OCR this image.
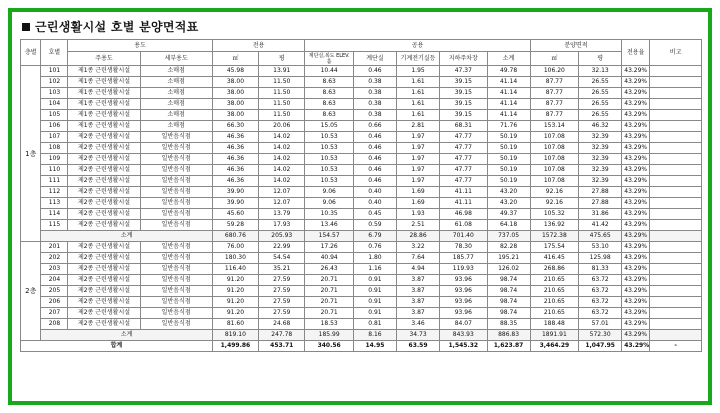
근린생활시설 호별 분양면적표
층별	호별	용도		전용		공용					분양면적		전용율	비고
		주용도	세부용도	㎡	평	계단실,복도 ELEV.홀	계단실	기계전기실등	지하주차장	소계	㎡	평		
1층	101	제1종 근린생활시설	소매점	45.98	13.91	10.44	0.46	1.95	47.37	49.78	106.20	32.13	43.29%	
	102	제1종 근린생활시설	소매점	38.00	11.50	8.63	0.38	1.61	39.15	41.14	87.77	26.55	43.29%	
	103	제1종 근린생활시설	소매점	38.00	11.50	8.63	0.38	1.61	39.15	41.14	87.77	26.55	43.29%	
	104	제1종 근린생활시설	소매점	38.00	11.50	8.63	0.38	1.61	39.15	41.14	87.77	26.55	43.29%	
	105	제1종 근린생활시설	소매점	38.00	11.50	8.63	0.38	1.61	39.15	41.14	87.77	26.55	43.29%	
	106	제1종 근린생활시설	소매점	66.30	20.06	15.05	0.66	2.81	68.31	71.76	153.14	46.32	43.29%	
	107	제2종 근린생활시설	일반음식점	46.36	14.02	10.53	0.46	1.97	47.77	50.19	107.08	32.39	43.29%	
	108	제2종 근린생활시설	일반음식점	46.36	14.02	10.53	0.46	1.97	47.77	50.19	107.08	32.39	43.29%	
	109	제2종 근린생활시설	일반음식점	46.36	14.02	10.53	0.46	1.97	47.77	50.19	107.08	32.39	43.29%	
	110	제2종 근린생활시설	일반음식점	46.36	14.02	10.53	0.46	1.97	47.77	50.19	107.08	32.39	43.29%	
	111	제2종 근린생활시설	일반음식점	46.36	14.02	10.53	0.46	1.97	47.77	50.19	107.08	32.39	43.29%	
	112	제2종 근린생활시설	일반음식점	39.90	12.07	9.06	0.40	1.69	41.11	43.20	92.16	27.88	43.29%	
	113	제2종 근린생활시설	일반음식점	39.90	12.07	9.06	0.40	1.69	41.11	43.20	92.16	27.88	43.29%	
	114	제2종 근린생활시설	일반음식점	45.60	13.79	10.35	0.45	1.93	46.98	49.37	105.32	31.86	43.29%	
	115	제2종 근린생활시설	일반음식점	59.28	17.93	13.46	0.59	2.51	61.08	64.18	136.92	41.42	43.29%	
	소계			680.76	205.93	154.57	6.79	28.86	701.40	737.05	1572.38	475.65	43.29%	
2층	201	제2종 근린생활시설	일반음식점	76.00	22.99	17.26	0.76	3.22	78.30	82.28	175.54	53.10	43.29%	
	202	제2종 근린생활시설	일반음식점	180.30	54.54	40.94	1.80	7.64	185.77	195.21	416.45	125.98	43.29%	
	203	제2종 근린생활시설	일반음식점	116.40	35.21	26.43	1.16	4.94	119.93	126.02	268.86	81.33	43.29%	
	204	제2종 근린생활시설	일반음식점	91.20	27.59	20.71	0.91	3.87	93.96	98.74	210.65	63.72	43.29%	
	205	제2종 근린생활시설	일반음식점	91.20	27.59	20.71	0.91	3.87	93.96	98.74	210.65	63.72	43.29%	
	206	제2종 근린생활시설	일반음식점	91.20	27.59	20.71	0.91	3.87	93.96	98.74	210.65	63.72	43.29%	
	207	제2종 근린생활시설	일반음식점	91.20	27.59	20.71	0.91	3.87	93.96	98.74	210.65	63.72	43.29%	
	208	제2종 근린생활시설	일반음식점	81.60	24.68	18.53	0.81	3.46	84.07	88.35	188.48	57.01	43.29%	
	소계			819.10	247.78	185.99	8.16	34.73	843.93	886.83	1891.91	572.30	43.29%	
합계				1,499.86	453.71	340.56	14.95	63.59	1,545.32	1,623.87	3,464.29	1,047.95	43.29%	-
